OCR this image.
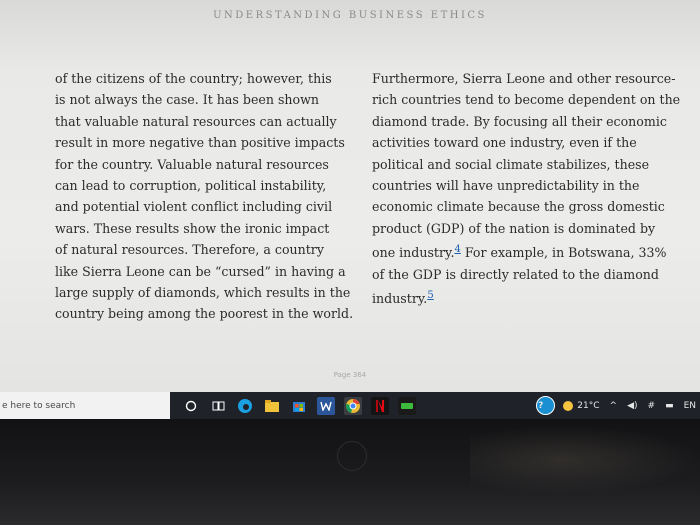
UNDERSTANDING BUSINESS ETHICS
of the citizens of the country; however, this
is not always the case. It has been shown
that valuable natural resources can actually
result in more negative than positive impacts
for the country. Valuable natural resources
can lead to corruption, political instability,
and potential violent conflict including civil
wars. These results show the ironic impact
of natural resources. Therefore, a country
like Sierra Leone can be “cursed” in having a
large supply of diamonds, which results in the
country being among the poorest in the world.
Furthermore, Sierra Leone and other resource-
rich countries tend to become dependent on the
diamond trade. By focusing all their economic
activities toward one industry, even if the
political and social climate stabilizes, these
countries will have unpredictability in the
economic climate because the gross domestic
product (GDP) of the nation is dominated by
one industry.$^4$ For example, in Botswana, 33%
of the GDP is directly related to the diamond
industry.$^5$
Page 364
e here to search	?	21°C ^ ◀) # ▬ EN
